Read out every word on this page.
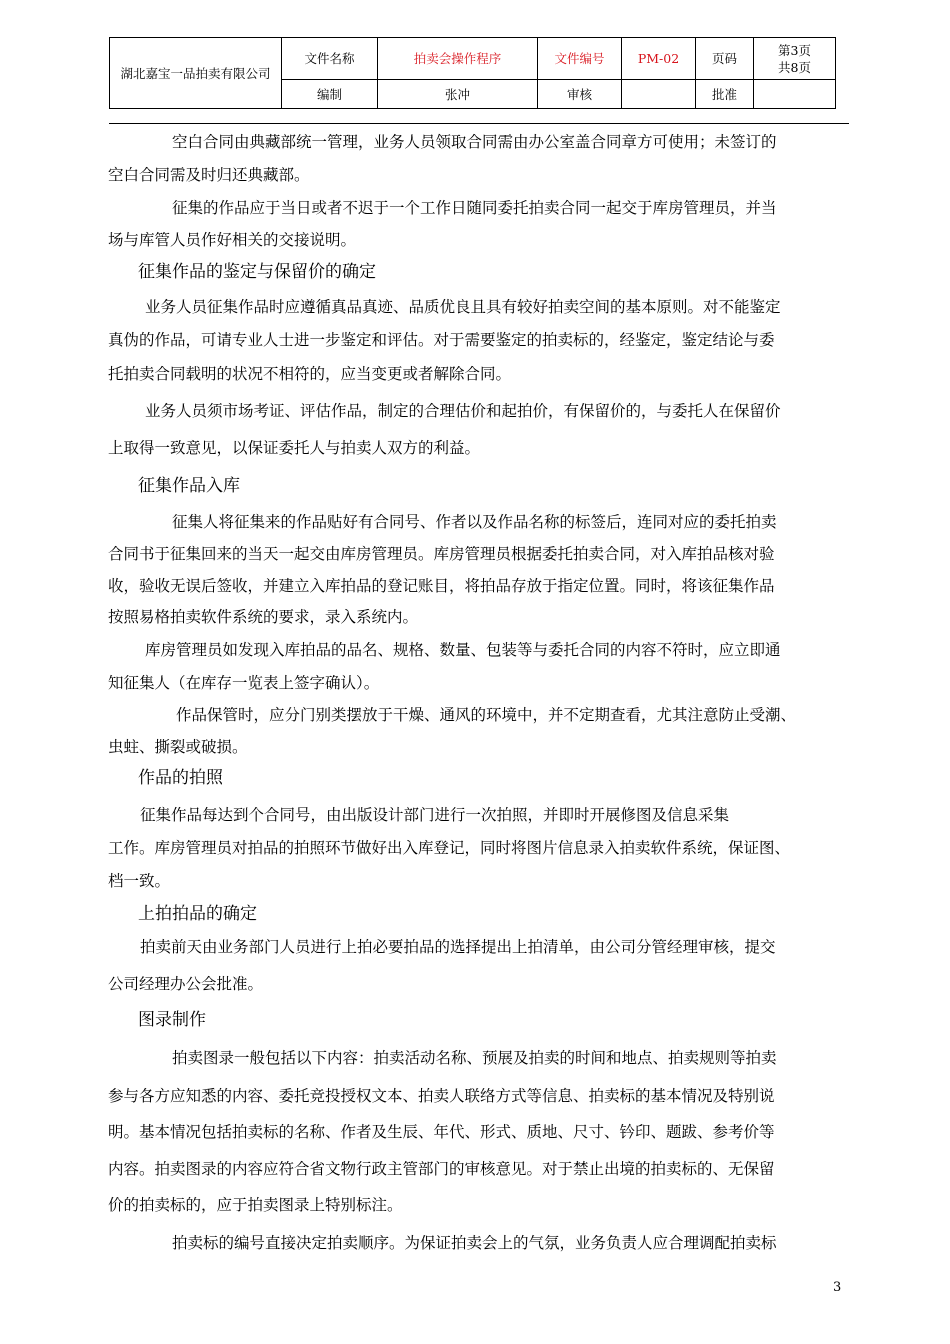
湖北嘉宝一品拍卖有限公司	文件名称	拍卖会操作程序	文件编号	PM-02	页码	第3页
共8页

	编制	张冲	审核		批准	
空白合同由典藏部统一管理，业务人员领取合同需由办公室盖合同章方可使用；未签订的
空白合同需及时归还典藏部。
征集的作品应于当日或者不迟于一个工作日随同委托拍卖合同一起交于库房管理员，并当
场与库管人员作好相关的交接说明。
征集作品的鉴定与保留价的确定
业务人员征集作品时应遵循真品真迹、品质优良且具有较好拍卖空间的基本原则。对不能鉴定
真伪的作品，可请专业人士进一步鉴定和评估。对于需要鉴定的拍卖标的，经鉴定，鉴定结论与委
托拍卖合同载明的状况不相符的，应当变更或者解除合同。
业务人员须市场考证、评估作品，制定的合理估价和起拍价，有保留价的，与委托人在保留价
上取得一致意见，以保证委托人与拍卖人双方的利益。
征集作品入库
征集人将征集来的作品贴好有合同号、作者以及作品名称的标签后，连同对应的委托拍卖
合同书于征集回来的当天一起交由库房管理员。库房管理员根据委托拍卖合同，对入库拍品核对验
收，验收无误后签收，并建立入库拍品的登记账目，将拍品存放于指定位置。同时，将该征集作品
按照易格拍卖软件系统的要求，录入系统内。
库房管理员如发现入库拍品的品名、规格、数量、包装等与委托合同的内容不符时，应立即通
知征集人（在库存一览表上签字确认）。
作品保管时，应分门别类摆放于干燥、通风的环境中，并不定期查看，尤其注意防止受潮、
虫蛀、撕裂或破损。
作品的拍照
征集作品每达到个合同号，由出版设计部门进行一次拍照，并即时开展修图及信息采集
工作。库房管理员对拍品的拍照环节做好出入库登记，同时将图片信息录入拍卖软件系统，保证图、
档一致。
上拍拍品的确定
拍卖前天由业务部门人员进行上拍必要拍品的选择提出上拍清单，由公司分管经理审核，提交
公司经理办公会批准。
图录制作
拍卖图录一般包括以下内容：拍卖活动名称、预展及拍卖的时间和地点、拍卖规则等拍卖
参与各方应知悉的内容、委托竞投授权文本、拍卖人联络方式等信息、拍卖标的基本情况及特别说
明。基本情况包括拍卖标的名称、作者及生辰、年代、形式、质地、尺寸、钤印、题跋、参考价等
内容。拍卖图录的内容应符合省文物行政主管部门的审核意见。对于禁止出境的拍卖标的、无保留
价的拍卖标的，应于拍卖图录上特别标注。
拍卖标的编号直接决定拍卖顺序。为保证拍卖会上的气氛，业务负责人应合理调配拍卖标
3
